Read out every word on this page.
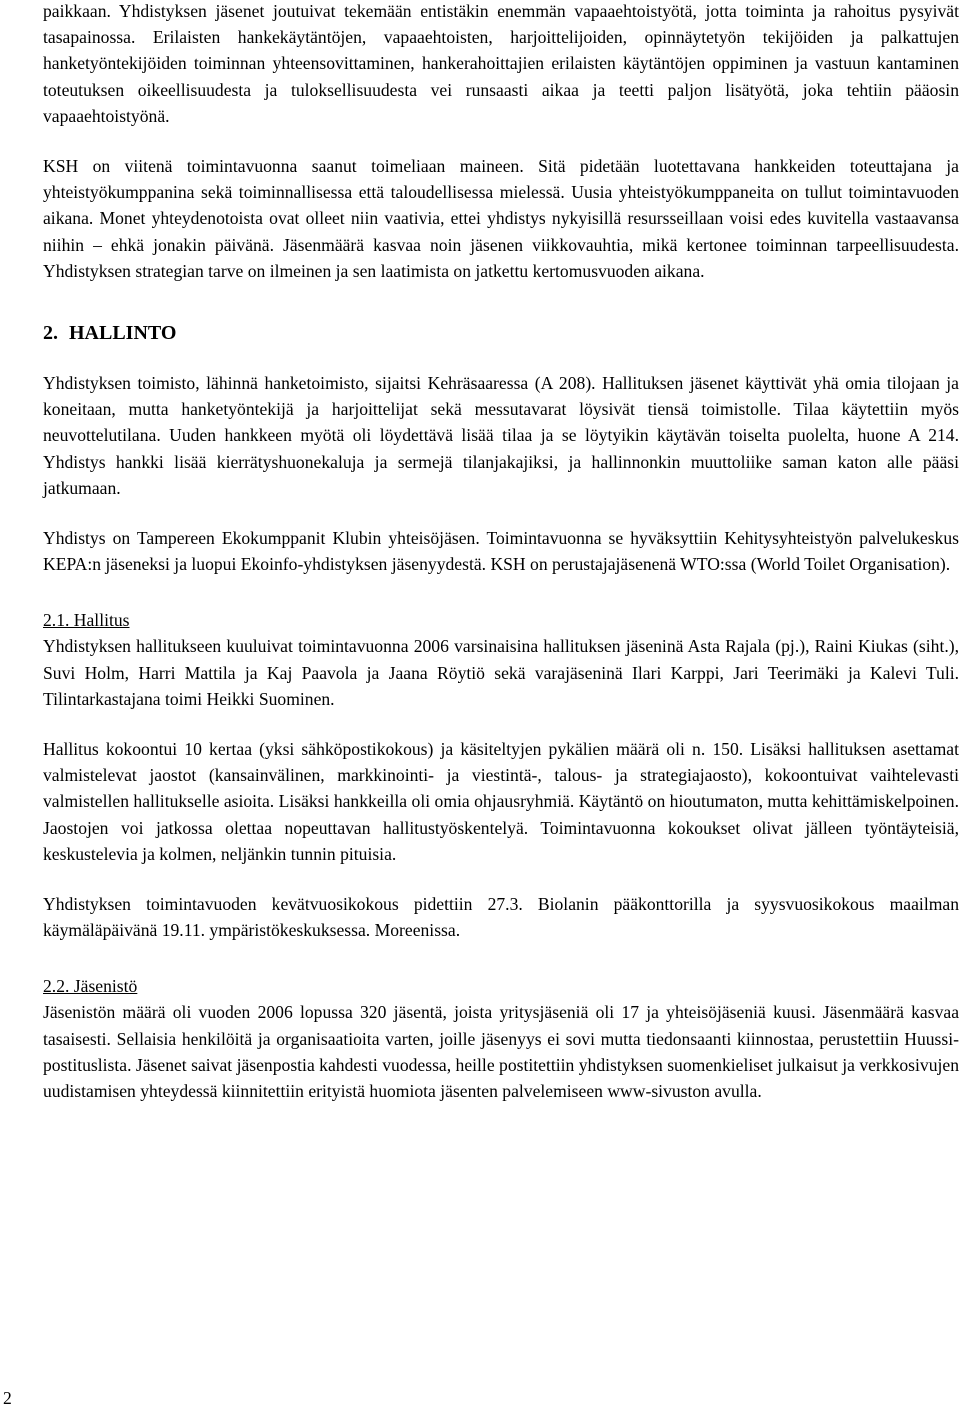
paikkaan. Yhdistyksen jäsenet joutuivat tekemään entistäkin enemmän vapaaehtoistyötä, jotta toiminta ja rahoitus pysyivät tasapainossa. Erilaisten hankekäytäntöjen, vapaaehtoisten, harjoittelijoiden, opinnäytetyön tekijöiden ja palkattujen hanketyöntekijöiden toiminnan yhteensovittaminen, hankerahoittajien erilaisten käytäntöjen oppiminen ja vastuun kantaminen toteutuksen oikeellisuudesta ja tuloksellisuudesta vei runsaasti aikaa ja teetti paljon lisätyötä, joka tehtiin pääosin vapaaehtoistyönä.

KSH on viitenä toimintavuonna saanut toimeliaan maineen. Sitä pidetään luotettavana hankkeiden toteuttajana ja yhteistyökumppanina sekä toiminnallisessa että taloudellisessa mielessä. Uusia yhteistyökumppaneita on tullut toimintavuoden aikana. Monet yhteydenotoista ovat olleet niin vaativia, ettei yhdistys nykyisillä resursseillaan voisi edes kuvitella vastaavansa niihin – ehkä jonakin päivänä. Jäsenmäärä kasvaa noin jäsenen viikkovauhtia, mikä kertonee toiminnan tarpeellisuudesta. Yhdistyksen strategian tarve on ilmeinen ja sen laatimista on jatkettu kertomusvuoden aikana.

2. HALLINTO

Yhdistyksen toimisto, lähinnä hanketoimisto, sijaitsi Kehräsaaressa (A 208). Hallituksen jäsenet käyttivät yhä omia tilojaan ja koneitaan, mutta hanketyöntekijä ja harjoittelijat sekä messutavarat löysivät tiensä toimistolle. Tilaa käytettiin myös neuvottelutilana. Uuden hankkeen myötä oli löydettävä lisää tilaa ja se löytyikin käytävän toiselta puolelta, huone A 214. Yhdistys hankki lisää kierrätyshuonekaluja ja sermejä tilanjakajiksi, ja hallinnonkin muuttoliike saman katon alle pääsi jatkumaan.

Yhdistys on Tampereen Ekokumppanit Klubin yhteisöjäsen. Toimintavuonna se hyväksyttiin Kehitysyhteistyön palvelukeskus KEPA:n jäseneksi ja luopui Ekoinfo-yhdistyksen jäsenyydestä. KSH on perustajajäsenenä WTO:ssa (World Toilet Organisation).

2.1. Hallitus

Yhdistyksen hallitukseen kuuluivat toimintavuonna 2006 varsinaisina hallituksen jäseninä Asta Rajala (pj.), Raini Kiukas (siht.), Suvi Holm, Harri Mattila ja Kaj Paavola ja Jaana Röytiö sekä varajäseninä Ilari Karppi, Jari Teerimäki ja Kalevi Tuli. Tilintarkastajana toimi Heikki Suominen.

Hallitus kokoontui 10 kertaa (yksi sähköpostikokous) ja käsiteltyjen pykälien määrä oli n. 150. Lisäksi hallituksen asettamat valmistelevat jaostot (kansainvälinen, markkinointi- ja viestintä-, talous- ja strategiajaosto), kokoontuivat vaihtelevasti valmistellen hallitukselle asioita. Lisäksi hankkeilla oli omia ohjausryhmiä. Käytäntö on hioutumaton, mutta kehittämiskelpoinen. Jaostojen voi jatkossa olettaa nopeuttavan hallitustyöskentelyä. Toimintavuonna kokoukset olivat jälleen työntäyteisiä, keskustelevia ja kolmen, neljänkin tunnin pituisia.

Yhdistyksen toimintavuoden kevätvuosikokous pidettiin 27.3. Biolanin pääkonttorilla ja syysvuosikokous maailman käymäläpäivänä 19.11. ympäristökeskuksessa. Moreenissa.

2.2. Jäsenistö

Jäsenistön määrä oli vuoden 2006 lopussa 320 jäsentä, joista yritysjäseniä oli 17 ja yhteisöjäseniä kuusi. Jäsenmäärä kasvaa tasaisesti. Sellaisia henkilöitä ja organisaatioita varten, joille jäsenyys ei sovi mutta tiedonsaanti kiinnostaa, perustettiin Huussi-postituslista. Jäsenet saivat jäsenpostia kahdesti vuodessa, heille postitettiin yhdistyksen suomenkieliset julkaisut ja verkkosivujen uudistamisen yhteydessä kiinnitettiin erityistä huomiota jäsenten palvelemiseen www-sivuston avulla.

2
